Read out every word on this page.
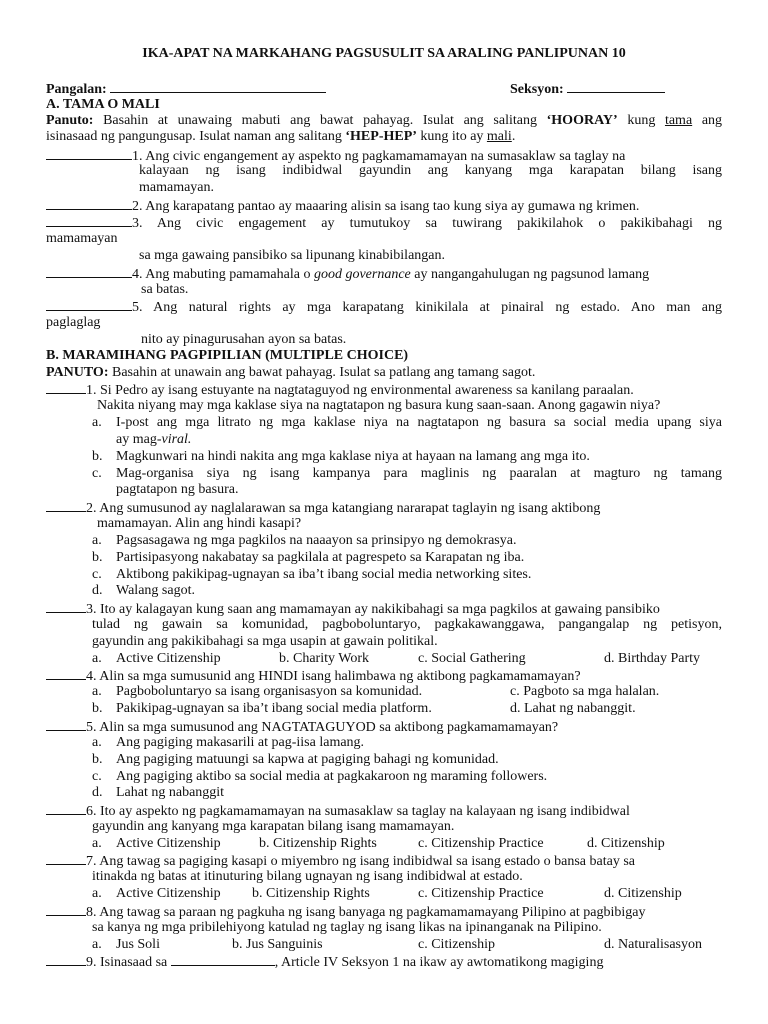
IKA-APAT NA MARKAHANG PAGSUSULIT SA ARALING PANLIPUNAN 10
Pangalan:	Seksyon:
A. TAMA O MALI
Panuto: Basahin at unawaing mabuti ang bawat pahayag. Isulat ang salitang ‘HOORAY’ kung tama ang
isinasaad ng pangungusap. Isulat naman ang salitang ‘HEP-HEP’ kung ito ay mali.
1. Ang civic engangement ay aspekto ng pagkamamamayan na sumasaklaw sa taglay na
kalayaan ng isang indibidwal gayundin ang kanyang mga karapatan bilang isang
mamamayan.
2. Ang karapatang pantao ay maaaring alisin sa isang tao kung siya ay gumawa ng krimen.
3. Ang civic engagement ay tumutukoy sa tuwirang pakikilahok o pakikibahagi ng
mamamayan
sa mga gawaing pansibiko sa lipunang kinabibilangan.
4. Ang mabuting pamamahala o good governance ay nangangahulugan ng pagsunod lamang
sa batas.
5. Ang natural rights ay mga karapatang kinikilala at pinairal ng estado. Ano man ang
paglaglag
nito ay pinagurusahan ayon sa batas.
B. MARAMIHANG PAGPIPILIAN (MULTIPLE CHOICE)
PANUTO: Basahin at unawain ang bawat pahayag. Isulat sa patlang ang tamang sagot.
1. Si Pedro ay isang estuyante na nagtataguyod ng environmental awareness sa kanilang paraalan.
Nakita niyang may mga kaklase siya na nagtatapon ng basura kung saan-saan. Anong gagawin niya?
a. I-post ang mga litrato ng mga kaklase niya na nagtatapon ng basura sa social media upang siya
ay mag-viral.
b. Magkunwari na hindi nakita ang mga kaklase niya at hayaan na lamang ang mga ito.
c. Mag-organisa siya ng isang kampanya para maglinis ng paaralan at magturo ng tamang
pagtatapon ng basura.
2. Ang sumusunod ay naglalarawan sa mga katangiang nararapat taglayin ng isang aktibong
mamamayan. Alin ang hindi kasapi?
a. Pagsasagawa ng mga pagkilos na naaayon sa prinsipyo ng demokrasya.
b. Partisipasyong nakabatay sa pagkilala at pagrespeto sa Karapatan ng iba.
c. Aktibong pakikipag-ugnayan sa iba’t ibang social media networking sites.
d. Walang sagot.
3. Ito ay kalagayan kung saan ang mamamayan ay nakikibahagi sa mga pagkilos at gawaing pansibiko
tulad ng gawain sa komunidad, pagboboluntaryo, pagkakawanggawa, pangangalap ng petisyon,
gayundin ang pakikibahagi sa mga usapin at gawain politikal.
a. Active Citizenship	b. Charity Work	c. Social Gathering	d. Birthday Party
4. Alin sa mga sumusunid ang HINDI isang halimbawa ng aktibong pagkamamamayan?
a. Pagboboluntaryo sa isang organisasyon sa komunidad.	c. Pagboto sa mga halalan.
b. Pakikipag-ugnayan sa iba’t ibang social media platform.	d. Lahat ng nabanggit.
5. Alin sa mga sumusunod ang NAGTATAGUYOD sa aktibong pagkamamamayan?
a. Ang pagiging makasarili at pag-iisa lamang.
b. Ang pagiging matuungi sa kapwa at pagiging bahagi ng komunidad.
c. Ang pagiging aktibo sa social media at pagkakaroon ng maraming followers.
d. Lahat ng nabanggit
6. Ito ay aspekto ng pagkamamamayan na sumasaklaw sa taglay na kalayaan ng isang indibidwal
gayundin ang kanyang mga karapatan bilang isang mamamayan.
a. Active Citizenship	b. Citizenship Rights	c. Citizenship Practice	d. Citizenship
7. Ang tawag sa pagiging kasapi o miyembro ng isang indibidwal sa isang estado o bansa batay sa
itinakda ng batas at itinuturing bilang ugnayan ng isang indibidwal at estado.
a. Active Citizenship b. Citizenship Rights	c. Citizenship Practice	d. Citizenship
8. Ang tawag sa paraan ng pagkuha ng isang banyaga ng pagkamamamayang Pilipino at pagbibigay
sa kanya ng mga pribilehiyong katulad ng taglay ng isang likas na ipinanganak na Pilipino.
a. Jus Soli	b. Jus Sanguinis	c. Citizenship	d. Naturalisasyon
9. Isinasaad sa	, Article IV Seksyon 1 na ikaw ay awtomatikong magiging
